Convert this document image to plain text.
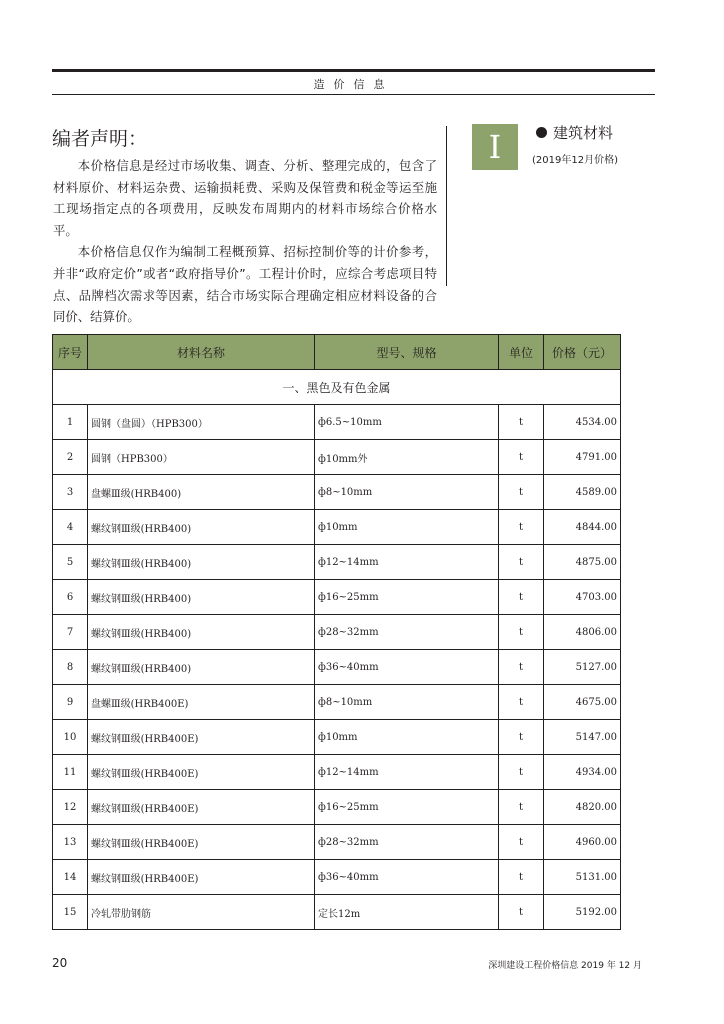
造价信息
编者声明：

本价格信息是经过市场收集、调查、分析、整理完成的，包含了材料原价、材料运杂费、运输损耗费、采购及保管费和税金等运至施工现场指定点的各项费用，反映发布周期内的材料市场综合价格水平。

本价格信息仅作为编制工程概预算、招标控制价等的计价参考，并非“政府定价”或者“政府指导价”。工程计价时，应综合考虑项目特点、品牌档次需求等因素，结合市场实际合理确定相应材料设备的合同价、结算价。

I	建筑材料
(2019年12月价格)
序号	材料名称	型号、规格	单位	价格（元）
一、黑色及有色金属				
1	圆钢（盘圆）（HPB300）	ф6.5~10mm	t	4534.00
2	圆钢（HPB300）	ф10mm外	t	4791.00
3	盘螺Ⅲ级(HRB400)	ф8~10mm	t	4589.00
4	螺纹钢Ⅲ级(HRB400)	ф10mm	t	4844.00
5	螺纹钢Ⅲ级(HRB400)	ф12~14mm	t	4875.00
6	螺纹钢Ⅲ级(HRB400)	ф16~25mm	t	4703.00
7	螺纹钢Ⅲ级(HRB400)	ф28~32mm	t	4806.00
8	螺纹钢Ⅲ级(HRB400)	ф36~40mm	t	5127.00
9	盘螺Ⅲ级(HRB400E)	ф8~10mm	t	4675.00
10	螺纹钢Ⅲ级(HRB400E)	ф10mm	t	5147.00
11	螺纹钢Ⅲ级(HRB400E)	ф12~14mm	t	4934.00
12	螺纹钢Ⅲ级(HRB400E)	ф16~25mm	t	4820.00
13	螺纹钢Ⅲ级(HRB400E)	ф28~32mm	t	4960.00
14	螺纹钢Ⅲ级(HRB400E)	ф36~40mm	t	5131.00
15	冷轧带肋钢筋	定长12m	t	5192.00
20	深圳建设工程价格信息 2019 年 12 月
